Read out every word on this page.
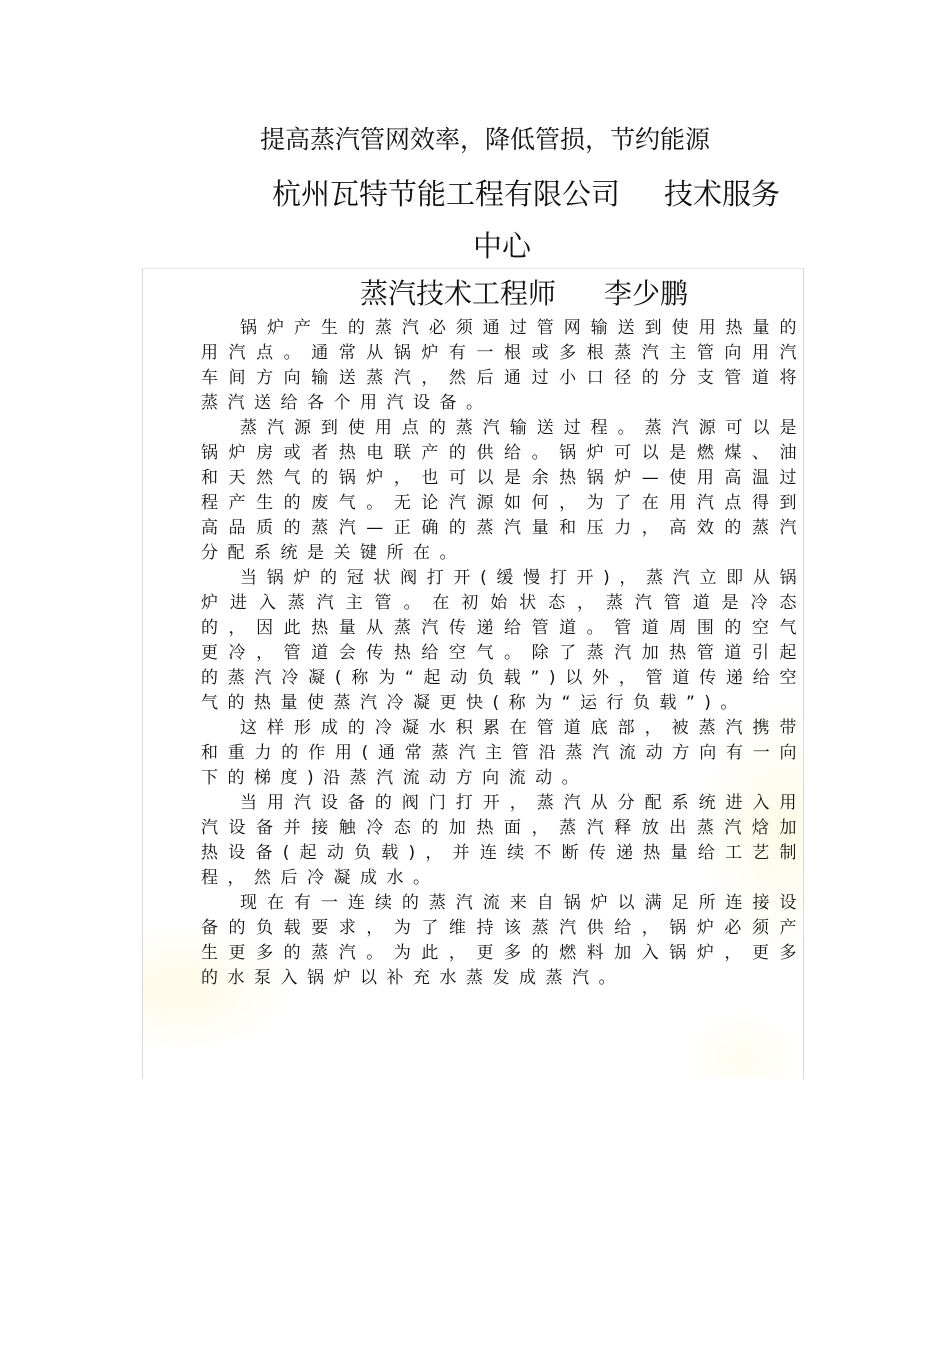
提高蒸汽管网效率，降低管损，节约能源
杭州瓦特节能工程有限公司 技术服务
中心
蒸汽技术工程师 李少鹏

锅炉产生的蒸汽必须通过管网输送到使用热量的用汽点。通常从锅炉有一根或多根蒸汽主管向用汽车间方向输送蒸汽，然后通过小口径的分支管道将蒸汽送给各个用汽设备。

蒸汽源到使用点的蒸汽输送过程。蒸汽源可以是锅炉房或者热电联产的供给。锅炉可以是燃煤、油和天然气的锅炉，也可以是余热锅炉—使用高温过程产生的废气。无论汽源如何，为了在用汽点得到高品质的蒸汽—正确的蒸汽量和压力，高效的蒸汽分配系统是关键所在。

当锅炉的冠状阀打开(缓慢打开)，蒸汽立即从锅炉进入蒸汽主管。在初始状态，蒸汽管道是冷态的，因此热量从蒸汽传递给管道。管道周围的空气更冷，管道会传热给空气。除了蒸汽加热管道引起的蒸汽冷凝(称为“起动负载”)以外，管道传递给空气的热量使蒸汽冷凝更快(称为“运行负载”)。

这样形成的冷凝水积累在管道底部，被蒸汽携带和重力的作用(通常蒸汽主管沿蒸汽流动方向有一向下的梯度)沿蒸汽流动方向流动。

当用汽设备的阀门打开，蒸汽从分配系统进入用汽设备并接触冷态的加热面，蒸汽释放出蒸汽焓加热设备(起动负载)，并连续不断传递热量给工艺制程，然后冷凝成水。

现在有一连续的蒸汽流来自锅炉以满足所连接设备的负载要求，为了维持该蒸汽供给，锅炉必须产生更多的蒸汽。为此，更多的燃料加入锅炉，更多的水泵入锅炉以补充水蒸发成蒸汽。
